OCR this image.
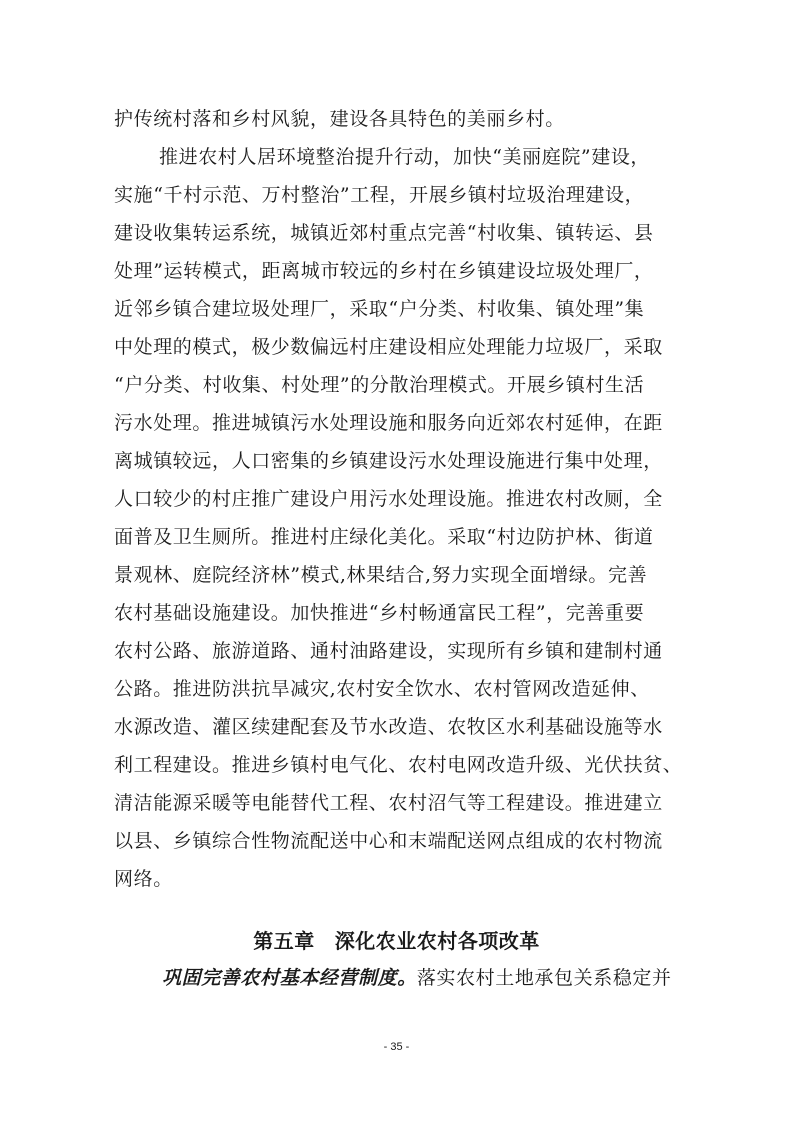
护传统村落和乡村风貌，建设各具特色的美丽乡村。
推进农村人居环境整治提升行动，加快“美丽庭院”建设，
实施“千村示范、万村整治”工程，开展乡镇村垃圾治理建设，
建设收集转运系统，城镇近郊村重点完善“村收集、镇转运、县
处理”运转模式，距离城市较远的乡村在乡镇建设垃圾处理厂，
近邻乡镇合建垃圾处理厂，采取“户分类、村收集、镇处理”集
中处理的模式，极少数偏远村庄建设相应处理能力垃圾厂，采取
“户分类、村收集、村处理”的分散治理模式。开展乡镇村生活
污水处理。推进城镇污水处理设施和服务向近郊农村延伸，在距
离城镇较远，人口密集的乡镇建设污水处理设施进行集中处理，
人口较少的村庄推广建设户用污水处理设施。推进农村改厕，全
面普及卫生厕所。推进村庄绿化美化。采取“村边防护林、街道
景观林、庭院经济林”模式,林果结合,努力实现全面增绿。完善
农村基础设施建设。加快推进“乡村畅通富民工程”，完善重要
农村公路、旅游道路、通村油路建设，实现所有乡镇和建制村通
公路。推进防洪抗旱减灾,农村安全饮水、农村管网改造延伸、
水源改造、灌区续建配套及节水改造、农牧区水利基础设施等水
利工程建设。推进乡镇村电气化、农村电网改造升级、光伏扶贫、
清洁能源采暖等电能替代工程、农村沼气等工程建设。推进建立
以县、乡镇综合性物流配送中心和末端配送网点组成的农村物流
网络。
第五章 深化农业农村各项改革
巩固完善农村基本经营制度。落实农村土地承包关系稳定并
- 35 -
